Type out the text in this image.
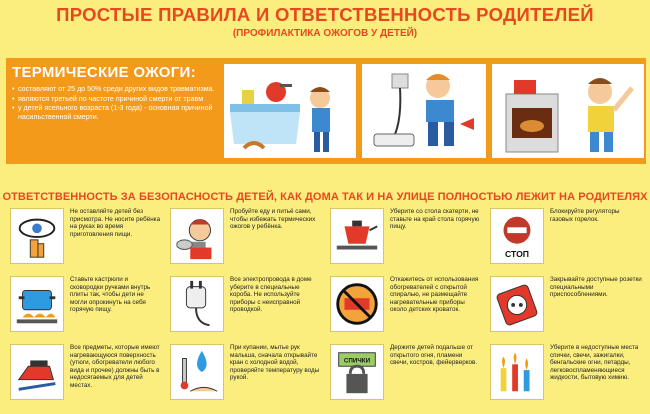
ПРОСТЫЕ ПРАВИЛА И ОТВЕТСТВЕННОСТЬ РОДИТЕЛЕЙ
(ПРОФИЛАКТИКА ОЖОГОВ У ДЕТЕЙ)
ТЕРМИЧЕСКИЕ ОЖОГИ:
• составляют от 25 до 50% среди других видов травматизма.
• являются третьей по частоте причиной смерти от травм
• у детей ясельного возраста (1-3 года) - основная причиной насильственной смерти.
ОТВЕТСТВЕННОСТЬ ЗА БЕЗОПАСНОСТЬ ДЕТЕЙ, КАК ДОМА ТАК И НА УЛИЦЕ ПОЛНОСТЬЮ ЛЕЖИТ НА РОДИТЕЛЯХ
Не оставляйте детей без присмотра. Не носите ребёнка на руках во время приготовления пищи.
Пробуйте еду и питьё сами, чтобы избежать термических ожогов у ребёнка.
Уберите со стола скатерти, не ставьте на край стола горячую пищу.
СТОП
Блокируйте регуляторы газовых горелок.
Ставьте кастрюли и сковородки ручками внутрь плиты так, чтобы дети не могли опрокинуть на себя горячую пищу.
Все электропровода в доме уберите в специальные короба. Не используйте приборы с неисправной проводкой.
Откажитесь от использования обогревателей с открытой спиралью, не размещайте нагревательные приборы около детских кроваток.
Закрывайте доступные розетки специальными приспособлениями.
Все предметы, которые имеют нагревающуюся поверхность (утюги, обогреватели любого вида и прочее) должны быть в недосягаемых для детей местах.
При купании, мытье рук малыша, сначала открывайте кран с холодной водой, проверяйте температуру воды рукой.
СПИЧКИ
Держите детей подальше от открытого огня, пламени свечи, костров, фейерверков.
Уберите в недоступные места спички, свечи, зажигалки, бенгальские огни, петарды, легковоспламеняющиеся жидкости, бытовую химию.
